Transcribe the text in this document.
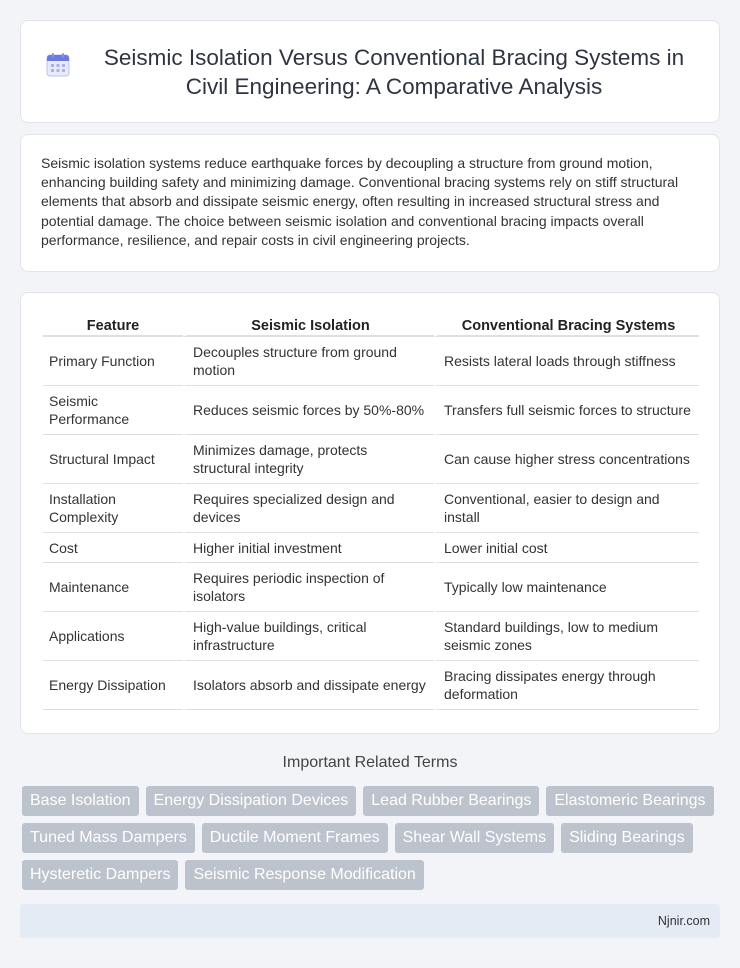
Seismic Isolation Versus Conventional Bracing Systems in Civil Engineering: A Comparative Analysis

Seismic isolation systems reduce earthquake forces by decoupling a structure from ground motion, enhancing building safety and minimizing damage. Conventional bracing systems rely on stiff structural elements that absorb and dissipate seismic energy, often resulting in increased structural stress and potential damage. The choice between seismic isolation and conventional bracing impacts overall performance, resilience, and repair costs in civil engineering projects.

Feature	Seismic Isolation	Conventional Bracing Systems
Primary Function	Decouples structure from ground motion	Resists lateral loads through stiffness
Seismic Performance	Reduces seismic forces by 50%-80%	Transfers full seismic forces to structure
Structural Impact	Minimizes damage, protects structural integrity	Can cause higher stress concentrations
Installation Complexity	Requires specialized design and devices	Conventional, easier to design and install
Cost	Higher initial investment	Lower initial cost
Maintenance	Requires periodic inspection of isolators	Typically low maintenance
Applications	High-value buildings, critical infrastructure	Standard buildings, low to medium seismic zones
Energy Dissipation	Isolators absorb and dissipate energy	Bracing dissipates energy through deformation
Important Related Terms
Base Isolation	Energy Dissipation Devices	Lead Rubber Bearings	Elastomeric Bearings
Tuned Mass Dampers	Ductile Moment Frames	Shear Wall Systems	Sliding Bearings
Hysteretic Dampers	Seismic Response Modification
Njnir.com
